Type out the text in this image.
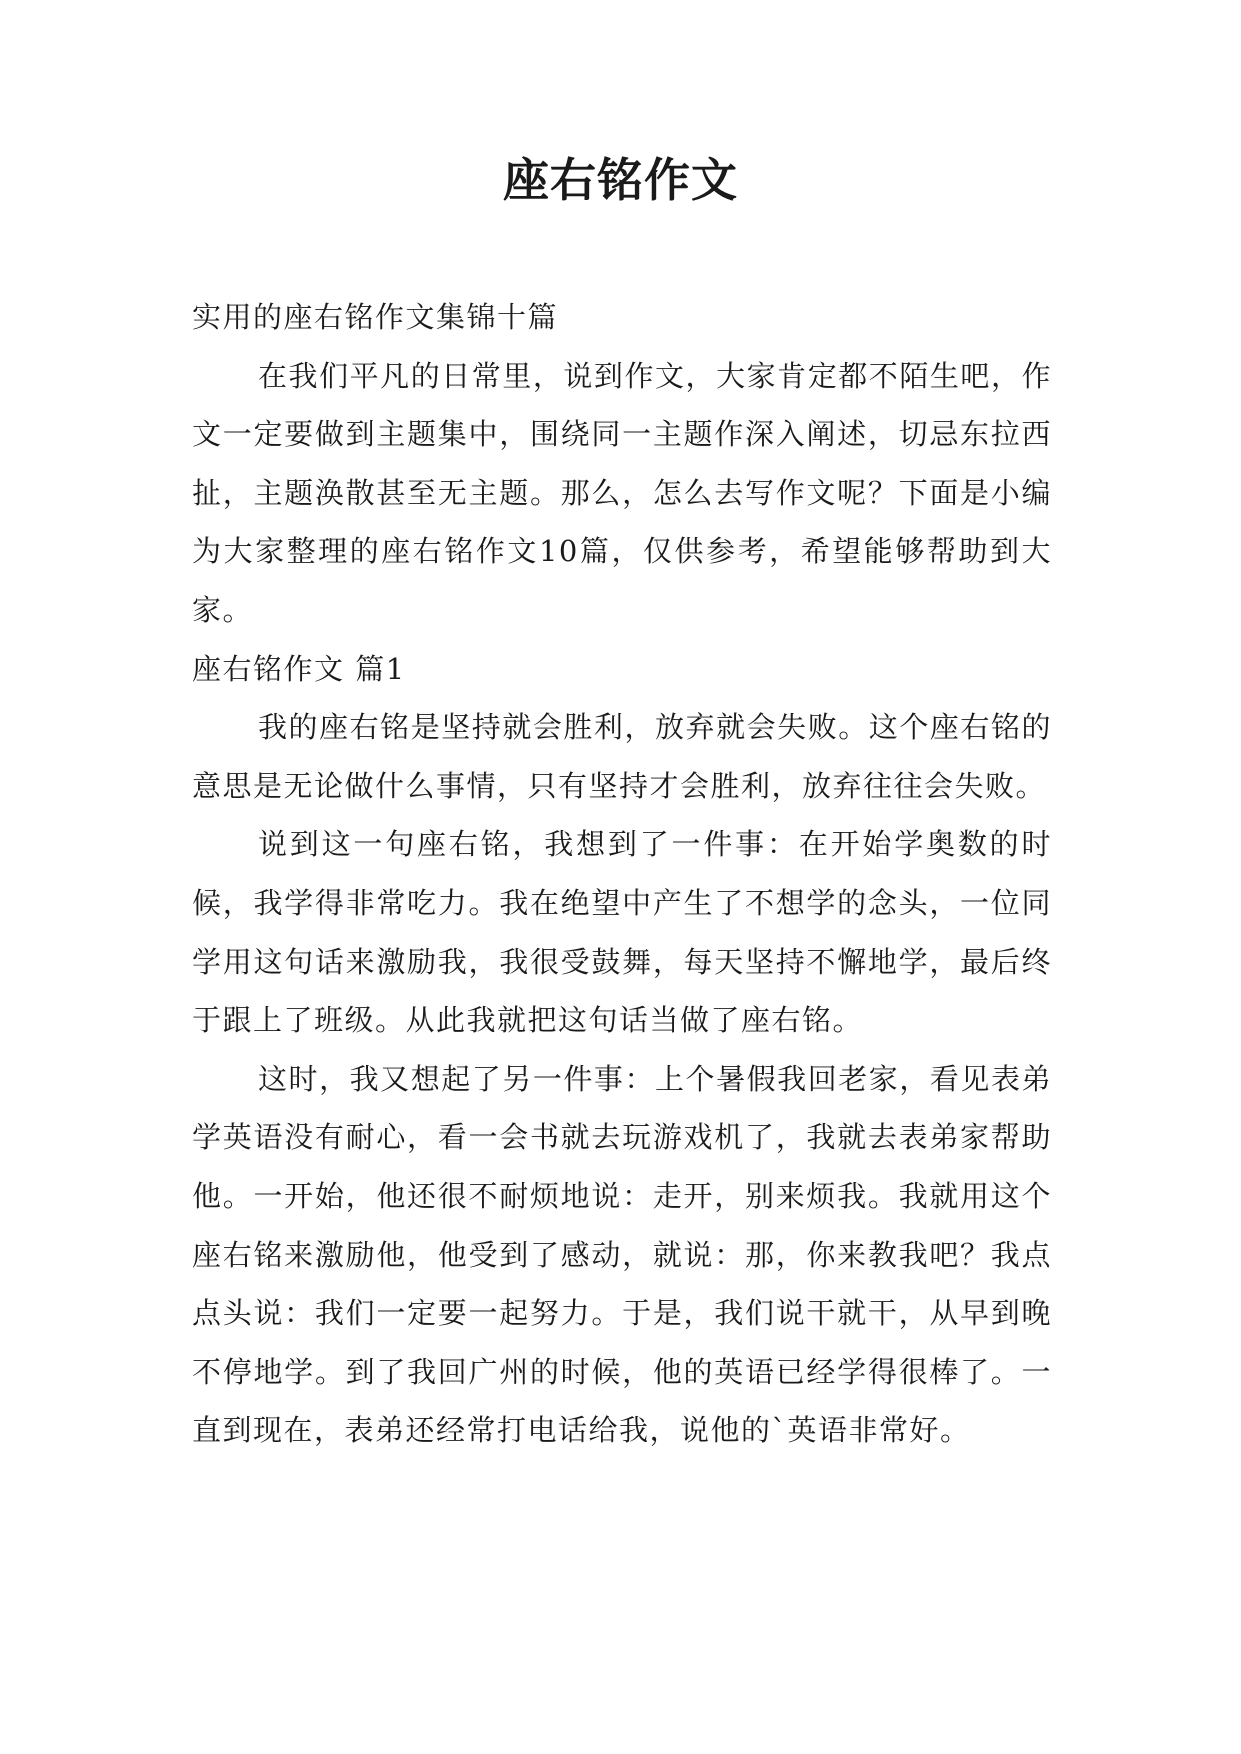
座右铭作文

实用的座右铭作文集锦十篇

在我们平凡的日常里，说到作文，大家肯定都不陌生吧，作文一定要做到主题集中，围绕同一主题作深入阐述，切忌东拉西扯，主题涣散甚至无主题。那么，怎么去写作文呢？下面是小编为大家整理的座右铭作文10篇，仅供参考，希望能够帮助到大家。

座右铭作文 篇1

我的座右铭是坚持就会胜利，放弃就会失败。这个座右铭的意思是无论做什么事情，只有坚持才会胜利，放弃往往会失败。

说到这一句座右铭，我想到了一件事：在开始学奥数的时候，我学得非常吃力。我在绝望中产生了不想学的念头，一位同学用这句话来激励我，我很受鼓舞，每天坚持不懈地学，最后终于跟上了班级。从此我就把这句话当做了座右铭。

这时，我又想起了另一件事：上个暑假我回老家，看见表弟学英语没有耐心，看一会书就去玩游戏机了，我就去表弟家帮助他。一开始，他还很不耐烦地说：走开，别来烦我。我就用这个座右铭来激励他，他受到了感动，就说：那，你来教我吧？我点点头说：我们一定要一起努力。于是，我们说干就干，从早到晚不停地学。到了我回广州的时候，他的英语已经学得很棒了。一直到现在，表弟还经常打电话给我，说他的`英语非常好。
